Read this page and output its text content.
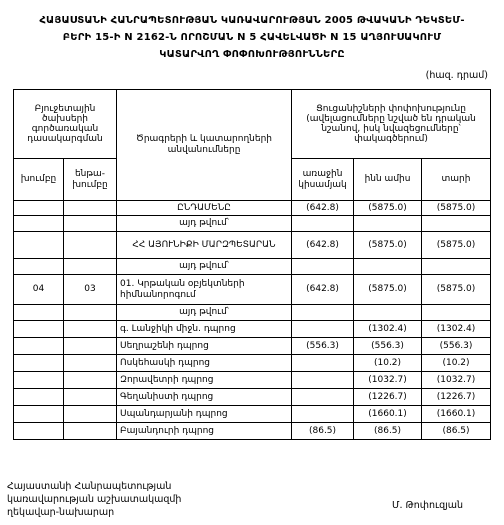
ՀԱՅԱՍՏԱՆԻ ՀԱՆՐԱՊԵՏՈՒԹՅԱՆ ԿԱՌԱՎԱՐՈՒԹՅԱՆ 2005 ԹՎԱԿԱՆԻ ԴԵԿՏԵՄ-
ԲԵՐԻ 15-Ի N 2162-Ն ՈՐՈՇՄԱՆ N 5 ՀԱՎԵԼՎԱԾԻ N 15 ԱՂՅՈՒՍԱԿՈՒՄ
ԿԱՏԱՐՎՈՂ ՓՈՓՈԽՈՒԹՅՈՒՆՆԵՐԸ
(հազ. դրամ)
Բյուջետային ծախսերի գործառական դասակարգման		Ծրագրերի և կատարողների անվանումները	Ցուցանիշների փոփոխությունը (ավելացումները նշված են դրական նշանով, իսկ նվազեցումները՝ փակագծերում)		
խումբը	ենթա-խումբը		առաջին կիսամյակ	ինն ամիս	տարի
		ԸՆԴԱՄԵՆԸ	(642.8)	(5875.0)	(5875.0)
		այդ թվում՝			
		ՀՀ ԱՅՈՒՆԻՔԻ ՄԱՐԶՊԵՏԱՐԱՆ	(642.8)	(5875.0)	(5875.0)
		այդ թվում՝			
04	03	01. Կրթական օբյեկտների հիմնանորոգում	(642.8)	(5875.0)	(5875.0)
		այդ թվում՝			
		գ. Լանջիկի միջն. դպրոց		(1302.4)	(1302.4)
		Սեղրաշենի դպրոց	(556.3)	(556.3)	(556.3)
		Ոսկեհասկի դպրոց		(10.2)	(10.2)
		Զորավետրի դպրոց		(1032.7)	(1032.7)
		Գեղանիստի դպրոց		(1226.7)	(1226.7)
		Սպանդարյանի դպրոց		(1660.1)	(1660.1)
		Բայանդուրի դպրոց	(86.5)	(86.5)	(86.5)
Հայաստանի Հանրապետության
կառավարության աշխատակազմի
ղեկավար-նախարար
Մ. Թոփուզյան
